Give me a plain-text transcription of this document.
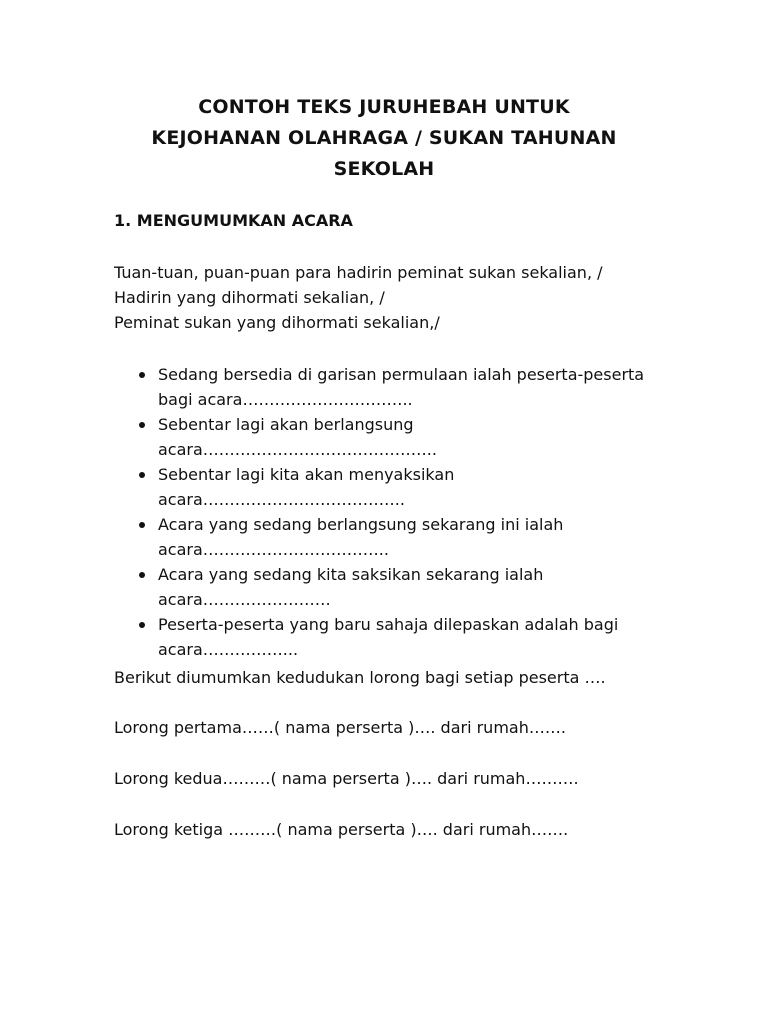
CONTOH TEKS JURUHEBAH UNTUK
KEJOHANAN OLAHRAGA / SUKAN TAHUNAN
SEKOLAH
1. MENGUMUMKAN ACARA
Tuan-tuan, puan-puan para hadirin peminat sukan sekalian, /
Hadirin yang dihormati sekalian, /
Peminat sukan yang dihormati sekalian,/
Sedang bersedia di garisan permulaan ialah peserta-peserta
bagi acara…………………………..
Sebentar lagi akan berlangsung acara……………………………………..
Sebentar lagi kita akan menyaksikan acara………………………………..
Acara yang sedang berlangsung sekarang ini ialah
acara……………………………..
Acara yang sedang kita saksikan sekarang ialah
acara……………………
Peserta-peserta yang baru sahaja dilepaskan adalah bagi
acara……………...
Berikut diumumkan kedudukan lorong bagi setiap peserta ….
Lorong pertama……( nama perserta )…. dari rumah…….
Lorong kedua………( nama perserta )…. dari rumah……….
Lorong ketiga ………( nama perserta )…. dari rumah…….
